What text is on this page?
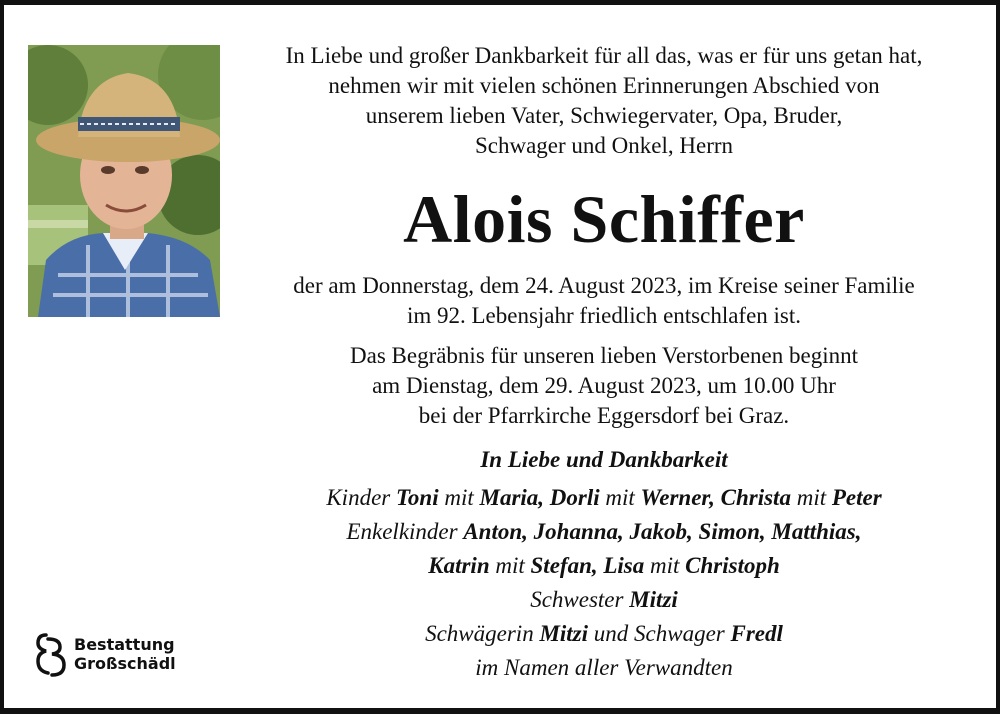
In Liebe und großer Dankbarkeit für all das, was er für uns getan hat,
nehmen wir mit vielen schönen Erinnerungen Abschied von
unserem lieben Vater, Schwiegervater, Opa, Bruder,
Schwager und Onkel, Herrn
Alois Schiffer
der am Donnerstag, dem 24. August 2023, im Kreise seiner Familie
im 92. Lebensjahr friedlich entschlafen ist.
Das Begräbnis für unseren lieben Verstorbenen beginnt
am Dienstag, dem 29. August 2023, um 10.00 Uhr
bei der Pfarrkirche Eggersdorf bei Graz.
In Liebe und Dankbarkeit
Kinder Toni mit Maria, Dorli mit Werner, Christa mit Peter
Enkelkinder Anton, Johanna, Jakob, Simon, Matthias,
Katrin mit Stefan, Lisa mit Christoph
Schwester Mitzi
Schwägerin Mitzi und Schwager Fredl
im Namen aller Verwandten
Bestattung
Großschädl
